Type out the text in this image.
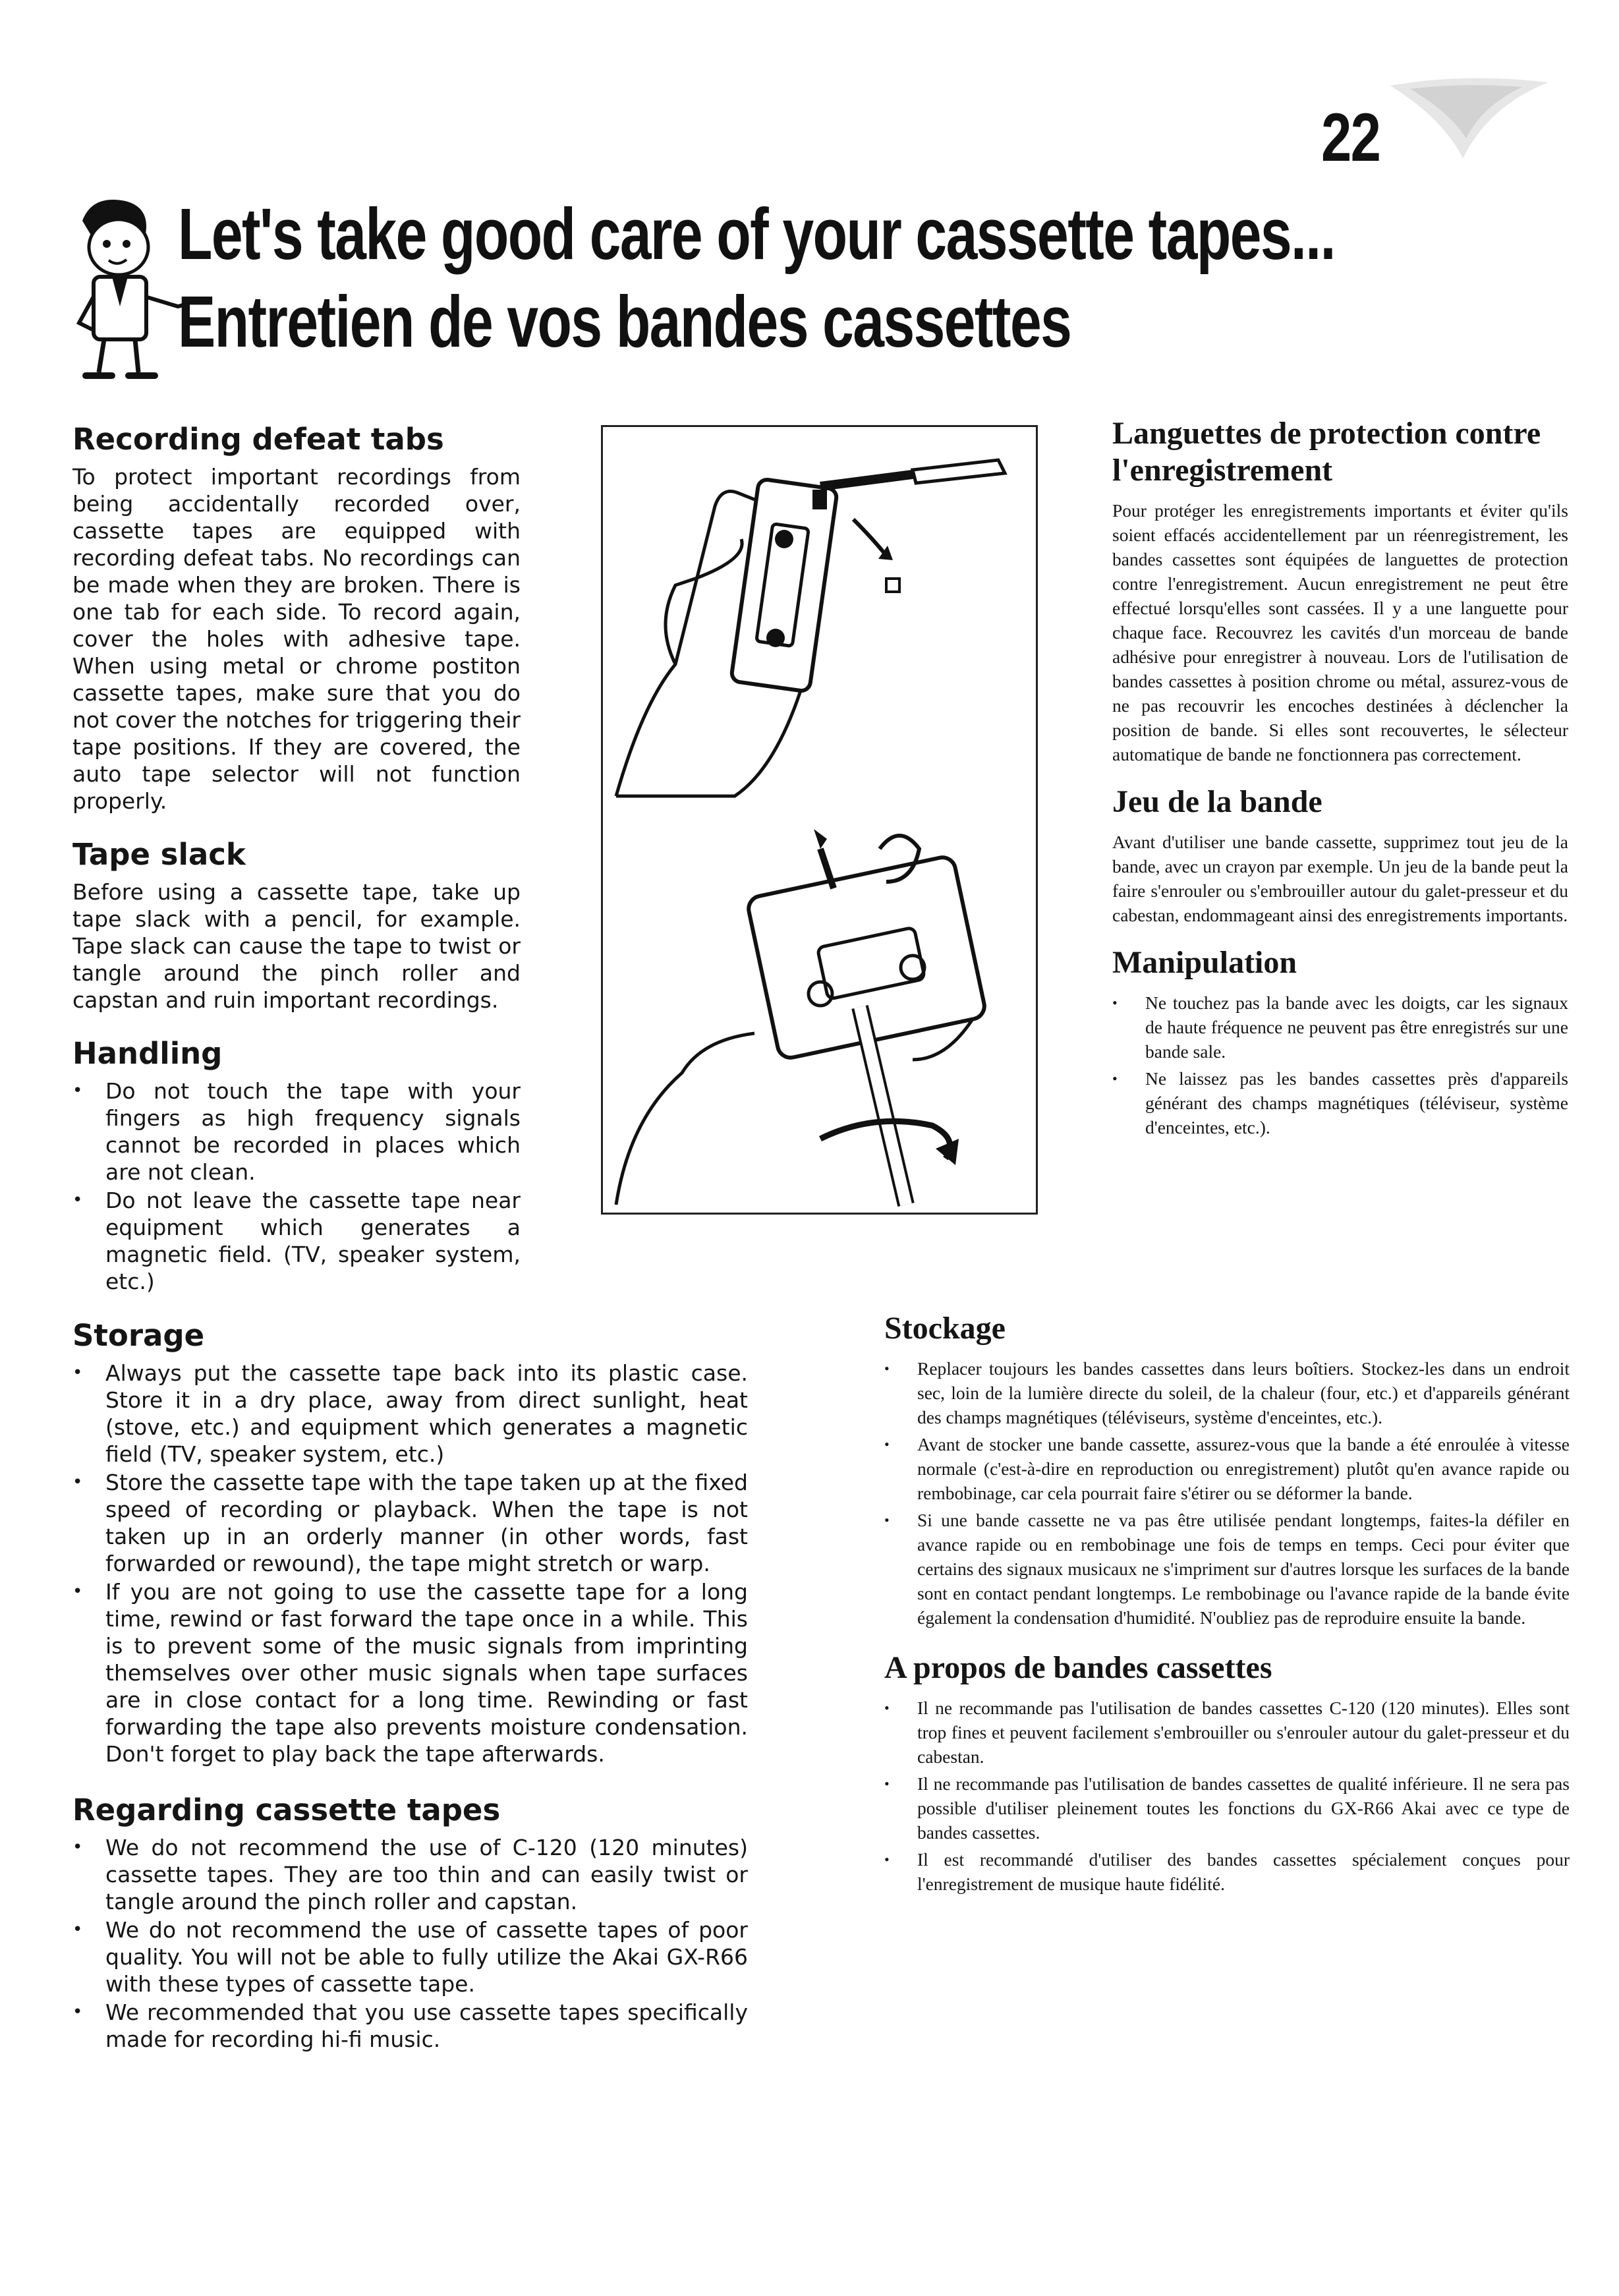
22
Let's take good care of your cassette tapes...
Entretien de vos bandes cassettes
Recording defeat tabs

To protect important recordings from being accidentally recorded over, cassette tapes are equipped with recording defeat tabs. No recordings can be made when they are broken. There is one tab for each side. To record again, cover the holes with adhesive tape. When using metal or chrome postiton cassette tapes, make sure that you do not cover the notches for triggering their tape positions. If they are covered, the auto tape selector will not function properly.

Tape slack

Before using a cassette tape, take up tape slack with a pencil, for example. Tape slack can cause the tape to twist or tangle around the pinch roller and capstan and ruin important recordings.

Handling
• Do not touch the tape with your fingers as high frequency signals cannot be recorded in places which are not clean.
• Do not leave the cassette tape near equipment which generates a magnetic field. (TV, speaker system, etc.)
Languettes de protection contre l'enregistrement

Pour protéger les enregistrements importants et éviter qu'ils soient effacés accidentellement par un réenregistrement, les bandes cassettes sont équipées de languettes de protection contre l'enregistrement. Aucun enregistrement ne peut être effectué lorsqu'elles sont cassées. Il y a une languette pour chaque face. Recouvrez les cavités d'un morceau de bande adhésive pour enregistrer à nouveau. Lors de l'utilisation de bandes cassettes à position chrome ou métal, assurez-vous de ne pas recouvrir les encoches destinées à déclencher la position de bande. Si elles sont recouvertes, le sélecteur automatique de bande ne fonctionnera pas correctement.

Jeu de la bande

Avant d'utiliser une bande cassette, supprimez tout jeu de la bande, avec un crayon par exemple. Un jeu de la bande peut la faire s'enrouler ou s'embrouiller autour du galet-presseur et du cabestan, endommageant ainsi des enregistrements importants.

Manipulation
• Ne touchez pas la bande avec les doigts, car les signaux de haute fréquence ne peuvent pas être enregistrés sur une bande sale.
• Ne laissez pas les bandes cassettes près d'appareils générant des champs magnétiques (téléviseur, système d'enceintes, etc.).
Storage
• Always put the cassette tape back into its plastic case. Store it in a dry place, away from direct sunlight, heat (stove, etc.) and equipment which generates a magnetic field (TV, speaker system, etc.)
• Store the cassette tape with the tape taken up at the fixed speed of recording or playback. When the tape is not taken up in an orderly manner (in other words, fast forwarded or rewound), the tape might stretch or warp.
• If you are not going to use the cassette tape for a long time, rewind or fast forward the tape once in a while. This is to prevent some of the music signals from imprinting themselves over other music signals when tape surfaces are in close contact for a long time. Rewinding or fast forwarding the tape also prevents moisture condensation. Don't forget to play back the tape afterwards.
Regarding cassette tapes
• We do not recommend the use of C-120 (120 minutes) cassette tapes. They are too thin and can easily twist or tangle around the pinch roller and capstan.
• We do not recommend the use of cassette tapes of poor quality. You will not be able to fully utilize the Akai GX-R66 with these types of cassette tape.
• We recommended that you use cassette tapes specifically made for recording hi-fi music.
Stockage
• Replacer toujours les bandes cassettes dans leurs boîtiers. Stockez-les dans un endroit sec, loin de la lumière directe du soleil, de la chaleur (four, etc.) et d'appareils générant des champs magnétiques (téléviseurs, système d'enceintes, etc.).
• Avant de stocker une bande cassette, assurez-vous que la bande a été enroulée à vitesse normale (c'est-à-dire en reproduction ou enregistrement) plutôt qu'en avance rapide ou rembobinage, car cela pourrait faire s'étirer ou se déformer la bande.
• Si une bande cassette ne va pas être utilisée pendant longtemps, faites-la défiler en avance rapide ou en rembobinage une fois de temps en temps. Ceci pour éviter que certains des signaux musicaux ne s'impriment sur d'autres lorsque les surfaces de la bande sont en contact pendant longtemps. Le rembobinage ou l'avance rapide de la bande évite également la condensation d'humidité. N'oubliez pas de reproduire ensuite la bande.
A propos de bandes cassettes
• Il ne recommande pas l'utilisation de bandes cassettes C-120 (120 minutes). Elles sont trop fines et peuvent facilement s'embrouiller ou s'enrouler autour du galet-presseur et du cabestan.
• Il ne recommande pas l'utilisation de bandes cassettes de qualité inférieure. Il ne sera pas possible d'utiliser pleinement toutes les fonctions du GX-R66 Akai avec ce type de bandes cassettes.
• Il est recommandé d'utiliser des bandes cassettes spécialement conçues pour l'enregistrement de musique haute fidélité.
